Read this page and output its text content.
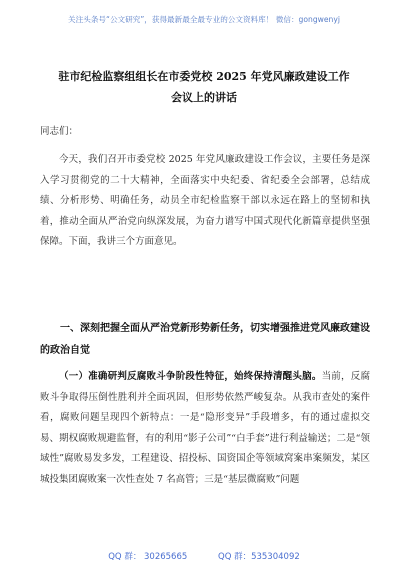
关注头条号“公文研究”，获得最新最全最专业的公文资料库！ 微信：gongwenyj
驻市纪检监察组组长在市委党校 2025 年党风廉政建设工作
会议上的讲话
同志们：
今天，我们召开市委党校 2025 年党风廉政建设工作会议，主要任务是深入学习贯彻党的二十大精神，全面落实中央纪委、省纪委全会部署，总结成绩、分析形势、明确任务，动员全市纪检监察干部以永远在路上的坚韧和执着，推动全面从严治党向纵深发展，为奋力谱写中国式现代化新篇章提供坚强保障。下面，我讲三个方面意见。
一、深刻把握全面从严治党新形势新任务，切实增强推进党风廉政建设的政治自觉
（一）准确研判反腐败斗争阶段性特征，始终保持清醒头脑。当前，反腐败斗争取得压倒性胜利并全面巩固，但形势依然严峻复杂。从我市查处的案件看，腐败问题呈现四个新特点：一是“隐形变异”手段增多，有的通过虚拟交易、期权腐败规避监督，有的利用“影子公司”“白手套”进行利益输送；二是“领域性”腐败易发多发，工程建设、招投标、国资国企等领域窝案串案频发，某区城投集团腐败案一次性查处 7 名高管；三是“基层微腐败”问题
QQ 群： 30265665	QQ 群：535304092
